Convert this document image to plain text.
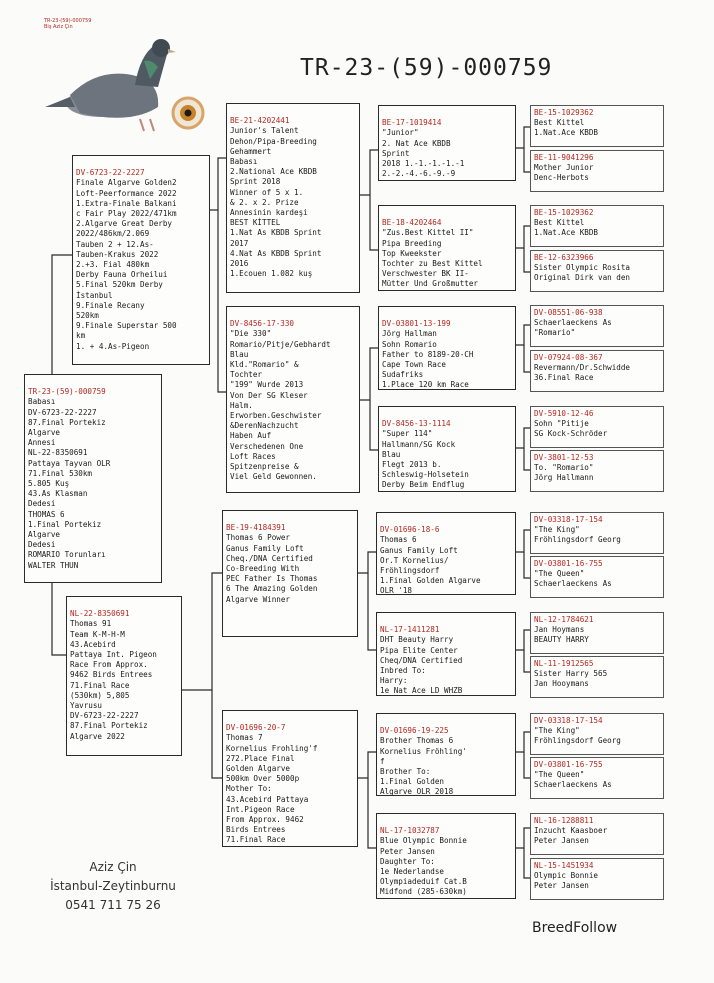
TR-23-(59)-000759
Biş Aziz Çin
TR-23-(59)-000759

TR-23-(59)-000759
Babası
DV-6723-22-2227
87.Final Portekiz
Algarve
Annesi
NL-22-8350691
Pattaya Tayvan OLR
71.Final 530km
5.805 Kuş
43.As Klasman
Dedesi
THOMAS 6
1.Final Portekiz
Algarve
Dedesi
ROMARIO Torunları
WALTER THUN

DV-6723-22-2227
Finale Algarve Golden2
Loft-Peerformance 2022
1.Extra-Finale Balkani
c Fair Play 2022/471km
2.Algarve Great Derby
2022/486km/2.069
Tauben 2 + 12.As-
Tauben-Krakus 2022
2.+3. Fial 480km
Derby Fauna Orheilui
5.Final 520km Derby
İstanbul
9.Finale Recany
520km
9.Finale Superstar 500
km
1. + 4.As-Pigeon

NL-22-8350691
Thomas 91
Team K-M-H-M
43.Acebird
Pattaya Int. Pigeon
Race From Approx.
9462 Birds Entrees
71.Final Race
(530km) 5,805
Yavrusu
DV-6723-22-2227
87.Final Portekiz
Algarve 2022

BE-21-4202441
Junior's Talent
Dehon/Pipa-Breeding
Gehammert
Babası
2.National Ace KBDB
Sprint 2018
Winner of 5 x 1.
& 2. x 2. Prize
Annesinin kardeşi
BEST KİTTEL
1.Nat As KBDB Sprint
2017
4.Nat As KBDB Sprint
2016
1.Ecouen 1.082 kuş

DV-8456-17-330
"Die 330"
Romario/Pitje/Gebhardt
Blau
Kld."Romario" &
Tochter
"199" Wurde 2013
Von Der SG Kleser
Halm.
Erworben.Geschwister
&DerenNachzucht
Haben Auf
Verschedenen One
Loft Races
Spitzenpreise &
Viel Geld Gewonnen.

BE-19-4184391
Thomas 6 Power
Ganus Family Loft
Cheq./DNA Certified
Co-Breeding With
PEC Father Is Thomas
6 The Amazing Golden
Algarve Winner

DV-01696-20-7
Thomas 7
Kornelius Frohling'f
272.Place Final
Golden Algarve
500km Over 5000p
Mother To:
43.Acebird Pattaya
Int.Pigeon Race
From Approx. 9462
Birds Entrees
71.Final Race

BE-17-1019414
"Junior"
2. Nat Ace KBDB
Sprint
2018 1.-1.-1.-1.-1
2.-2.-4.-6.-9.-9

BE-18-4202464
"Zus.Best Kittel II"
Pipa Breeding
Top Kweekster
Tochter zu Best Kittel
Verschwester BK II-
Mütter Und Großmutter

DV-03801-13-199
Jörg Hallman
Sohn Romario
Father to 8189-20-CH
Cape Town Race
Sudafriks
1.Place 120 km Race

DV-8456-13-1114
"Super 114"
Hallmann/SG Kock
Blau
Flegt 2013 b.
Schleswig-Holsetein
Derby Beim Endflug

DV-01696-18-6
Thomas 6
Ganus Family Loft
Or.T Kornelius/
Fröhlingsdorf
1.Final Golden Algarve
OLR '18

NL-17-1411281
DHT Beauty Harry
Pipa Elite Center
Cheq/DNA Certified
Inbred To:
Harry:
1e Nat Ace LD WHZB

DV-01696-19-225
Brother Thomas 6
Kornelius Fröhling'
f
Brother To:
1.Final Golden
Algarve OLR 2018

NL-17-1032787
Blue Olympic Bonnie
Peter Jansen
Daughter To:
1e Nederlandse
Olympiadeduif Cat.B
Midfond (285-630km)

BE-15-1029362
Best Kittel
1.Nat.Ace KBDB
BE-11-9041296
Mother Junior
Denc-Herbots
BE-15-1029362
Best Kittel
1.Nat.Ace KBDB
BE-12-6323966
Sister Olympic Rosita
Original Dirk van den
DV-08551-06-938
Schaerlaeckens As
"Romario"
DV-07924-08-367
Revermann/Dr.Schwidde
36.Final Race
DV-5910-12-46
Sohn "Pitije
SG Kock-Schröder
DV-3801-12-53
To. "Romario"
Jörg Hallmann
DV-03318-17-154
"The King"
Fröhlingsdorf Georg
DV-03801-16-755
"The Queen"
Schaerlaeckens As
NL-12-1784621
Jan Hoymans
BEAUTY HARRY
NL-11-1912565
Sister Harry 565
Jan Hooymans
DV-03318-17-154
"The King"
Fröhlingsdorf Georg
DV-03801-16-755
"The Queen"
Schaerlaeckens As
NL-16-1288811
Inzucht Kaasboer
Peter Jansen
NL-15-1451934
Olympic Bonnie
Peter Jansen
Aziz Çin
İstanbul-Zeytinburnu
0541 711 75 26
BreedFollow
